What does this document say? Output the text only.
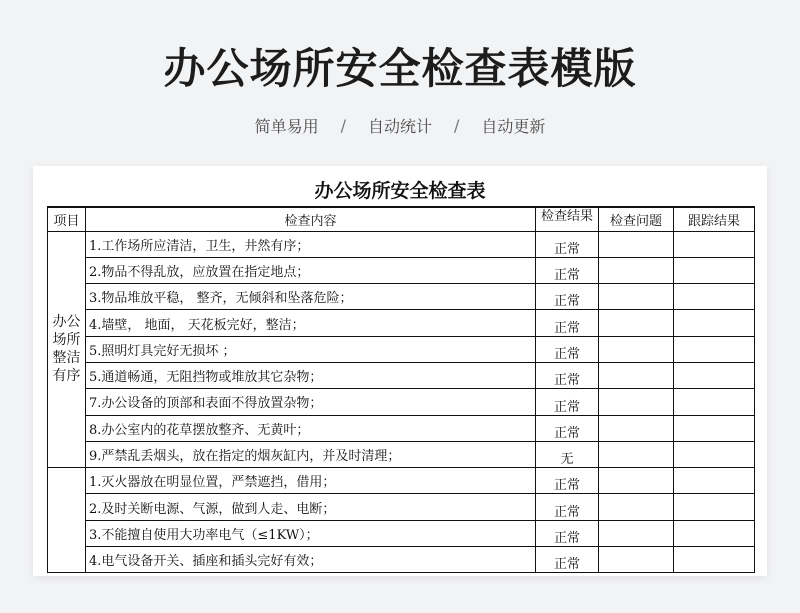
办公场所安全检查表模版
简单易用 / 自动统计 / 自动更新
办公场所安全检查表
项目	检查内容	检查结果	检查问题	跟踪结果
办公场所整洁有序	1.工作场所应清洁，卫生，井然有序；	正常		
	2.物品不得乱放，应放置在指定地点；	正常		
	3.物品堆放平稳， 整齐，无倾斜和坠落危险；	正常		
	4.墙壁， 地面， 天花板完好，整洁；	正常		
	5.照明灯具完好无损坏 ；	正常		
	5.通道畅通，无阻挡物或堆放其它杂物；	正常		
	7.办公设备的顶部和表面不得放置杂物；	正常		
	8.办公室内的花草摆放整齐、无黄叶；	正常		
	9.严禁乱丢烟头，放在指定的烟灰缸内，并及时清理；	无		
	1.灭火器放在明显位置，严禁遮挡，借用；	正常		
	2.及时关断电源、气源，做到人走、电断；	正常		
	3.不能擅自使用大功率电气（≤1KW）；	正常		
	4.电气设备开关、插座和插头完好有效；	正常		
